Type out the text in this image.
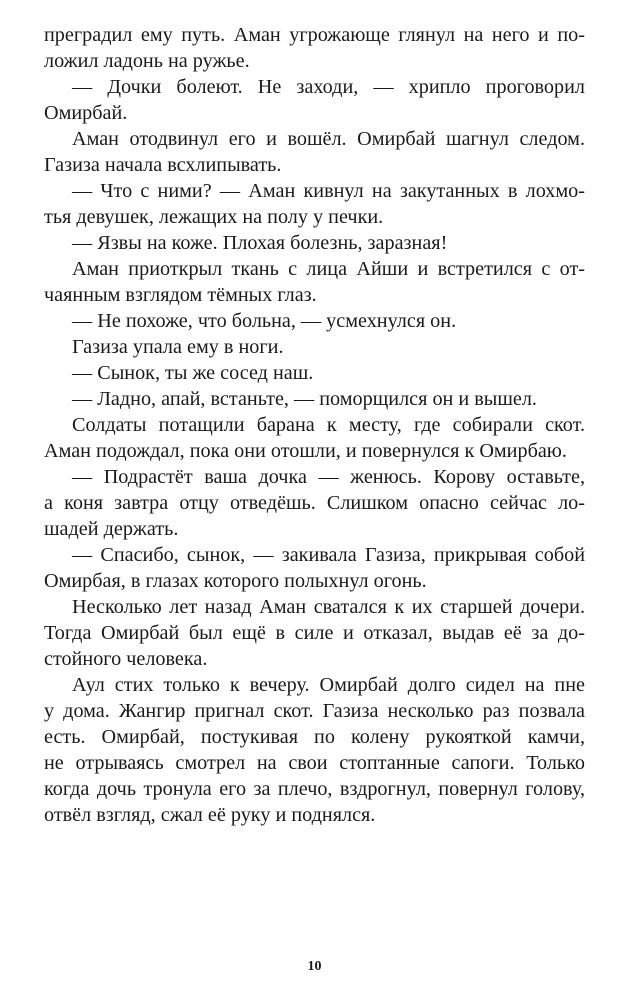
преградил ему путь. Аман угрожающе глянул на него и по-
ложил ладонь на ружье.
— Дочки болеют. Не заходи, — хрипло проговорил
Омирбай.
Аман отодвинул его и вошёл. Омирбай шагнул следом.
Газиза начала всхлипывать.
— Что с ними? — Аман кивнул на закутанных в лохмо-
тья девушек, лежащих на полу у печки.
— Язвы на коже. Плохая болезнь, заразная!
Аман приоткрыл ткань с лица Айши и встретился с от-
чаянным взглядом тёмных глаз.
— Не похоже, что больна, — усмехнулся он.
Газиза упала ему в ноги.
— Сынок, ты же сосед наш.
— Ладно, апай, встаньте, — поморщился он и вышел.
Солдаты потащили барана к месту, где собирали скот.
Аман подождал, пока они отошли, и повернулся к Омирбаю.
— Подрастёт ваша дочка — женюсь. Корову оставьте,
а коня завтра отцу отведёшь. Слишком опасно сейчас ло-
шадей держать.
— Спасибо, сынок, — закивала Газиза, прикрывая собой
Омирбая, в глазах которого полыхнул огонь.
Несколько лет назад Аман сватался к их старшей дочери.
Тогда Омирбай был ещё в силе и отказал, выдав её за до-
стойного человека.
Аул стих только к вечеру. Омирбай долго сидел на пне
у дома. Жангир пригнал скот. Газиза несколько раз позвала
есть. Омирбай, постукивая по колену рукояткой камчи,
не отрываясь смотрел на свои стоптанные сапоги. Только
когда дочь тронула его за плечо, вздрогнул, повернул голову,
отвёл взгляд, сжал её руку и поднялся.
10
